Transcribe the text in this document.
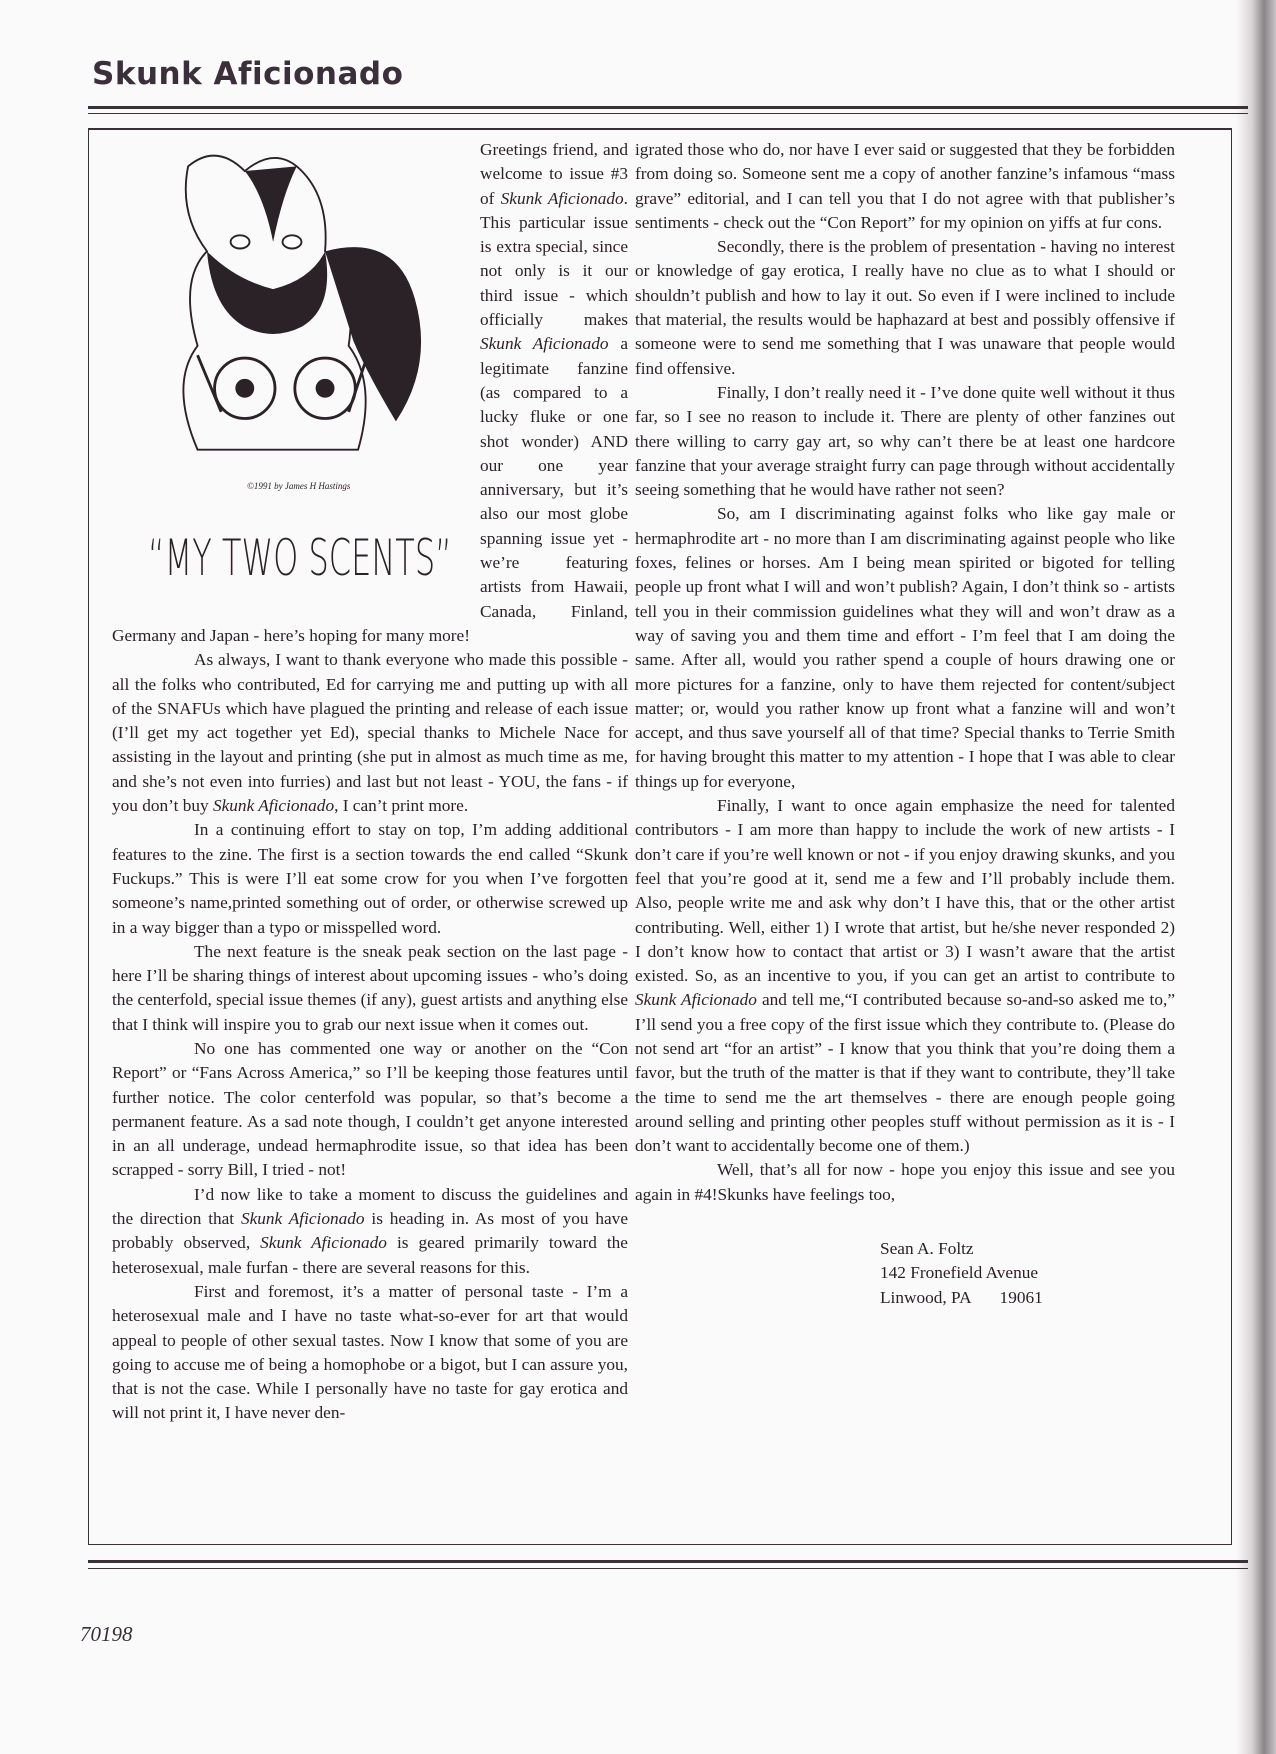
Skunk Aficionado
©1991 by James H Hastings
“MY TWO SCENTS”

Greetings friend, and welcome to issue #3 of Skunk Aficionado. This particular issue is extra special, since not only is it our third issue - which officially makes Skunk Aficionado a legitimate fanzine (as compared to a lucky fluke or one shot wonder) AND our one year anniversary, but it’s also our most globe spanning issue yet - we’re featuring artists from Hawaii, Canada, Finland, Germany and Japan - here’s hoping for many more!

As always, I want to thank everyone who made this possible - all the folks who contributed, Ed for carrying me and putting up with all of the SNAFUs which have plagued the printing and release of each issue (I’ll get my act together yet Ed), special thanks to Michele Nace for assisting in the layout and printing (she put in almost as much time as me, and she’s not even into furries) and last but not least - YOU, the fans - if you don’t buy Skunk Aficionado, I can’t print more.

In a continuing effort to stay on top, I’m adding additional features to the zine. The first is a section towards the end called “Skunk Fuckups.” This is were I’ll eat some crow for you when I’ve forgotten someone’s name,printed something out of order, or otherwise screwed up in a way bigger than a typo or misspelled word.

The next feature is the sneak peak section on the last page - here I’ll be sharing things of interest about upcoming issues - who’s doing the centerfold, special issue themes (if any), guest artists and anything else that I think will inspire you to grab our next issue when it comes out.

No one has commented one way or another on the “Con Report” or “Fans Across America,” so I’ll be keeping those features until further notice. The color centerfold was popular, so that’s become a permanent feature. As a sad note though, I couldn’t get anyone interested in an all underage, undead hermaphrodite issue, so that idea has been scrapped - sorry Bill, I tried - not!

I’d now like to take a moment to discuss the guidelines and the direction that Skunk Aficionado is heading in. As most of you have probably observed, Skunk Aficionado is geared primarily toward the heterosexual, male furfan - there are several reasons for this.

First and foremost, it’s a matter of personal taste - I’m a heterosexual male and I have no taste what-so-ever for art that would appeal to people of other sexual tastes. Now I know that some of you are going to accuse me of being a homophobe or a bigot, but I can assure you, that is not the case. While I personally have no taste for gay erotica and will not print it, I have never den-

igrated those who do, nor have I ever said or suggested that they be forbidden from doing so. Someone sent me a copy of another fanzine’s infamous “mass grave” editorial, and I can tell you that I do not agree with that publisher’s sentiments - check out the “Con Report” for my opinion on yiffs at fur cons.

Secondly, there is the problem of presentation - having no interest or knowledge of gay erotica, I really have no clue as to what I should or shouldn’t publish and how to lay it out. So even if I were inclined to include that material, the results would be haphazard at best and possibly offensive if someone were to send me something that I was unaware that people would find offensive.

Finally, I don’t really need it - I’ve done quite well without it thus far, so I see no reason to include it. There are plenty of other fanzines out there willing to carry gay art, so why can’t there be at least one hardcore fanzine that your average straight furry can page through without accidentally seeing something that he would have rather not seen?

So, am I discriminating against folks who like gay male or hermaphrodite art - no more than I am discriminating against people who like foxes, felines or horses. Am I being mean spirited or bigoted for telling people up front what I will and won’t publish? Again, I don’t think so - artists tell you in their commission guidelines what they will and won’t draw as a way of saving you and them time and effort - I’m feel that I am doing the same. After all, would you rather spend a couple of hours drawing one or more pictures for a fanzine, only to have them rejected for content/subject matter; or, would you rather know up front what a fanzine will and won’t accept, and thus save yourself all of that time? Special thanks to Terrie Smith for having brought this matter to my attention - I hope that I was able to clear things up for everyone,

Finally, I want to once again emphasize the need for talented contributors - I am more than happy to include the work of new artists - I don’t care if you’re well known or not - if you enjoy drawing skunks, and you feel that you’re good at it, send me a few and I’ll probably include them. Also, people write me and ask why don’t I have this, that or the other artist contributing. Well, either 1) I wrote that artist, but he/she never responded 2) I don’t know how to contact that artist or 3) I wasn’t aware that the artist existed. So, as an incentive to you, if you can get an artist to contribute to Skunk Aficionado and tell me,“I contributed because so-and-so asked me to,” I’ll send you a free copy of the first issue which they contribute to. (Please do not send art “for an artist” - I know that you think that you’re doing them a favor, but the truth of the matter is that if they want to contribute, they’ll take the time to send me the art themselves - there are enough people going around selling and printing other peoples stuff without permission as it is - I don’t want to accidentally become one of them.)

Well, that’s all for now - hope you enjoy this issue and see you again in #4!Skunks have feelings too,

Sean A. Foltz
142 Fronefield Avenue
Linwood, PA 19061
70198
